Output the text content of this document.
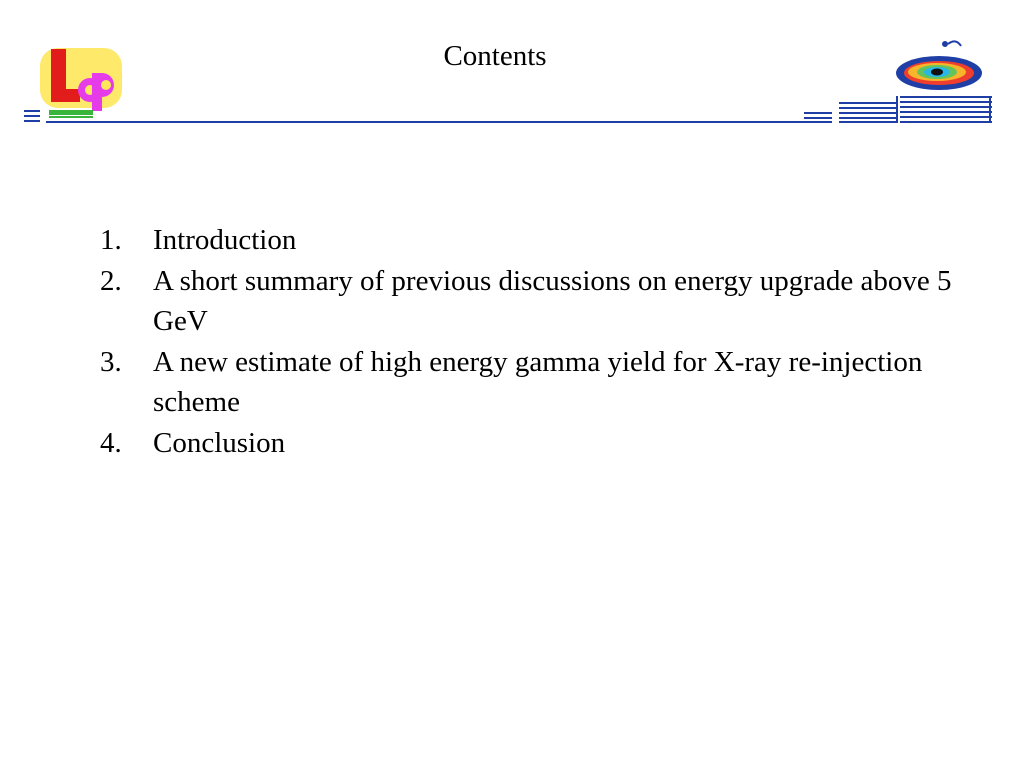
Contents
1.	Introduction
2.	A short summary of previous discussions on energy upgrade above 5 GeV
3.	A new estimate of high energy gamma yield for X-ray re-injection scheme
4.	Conclusion
